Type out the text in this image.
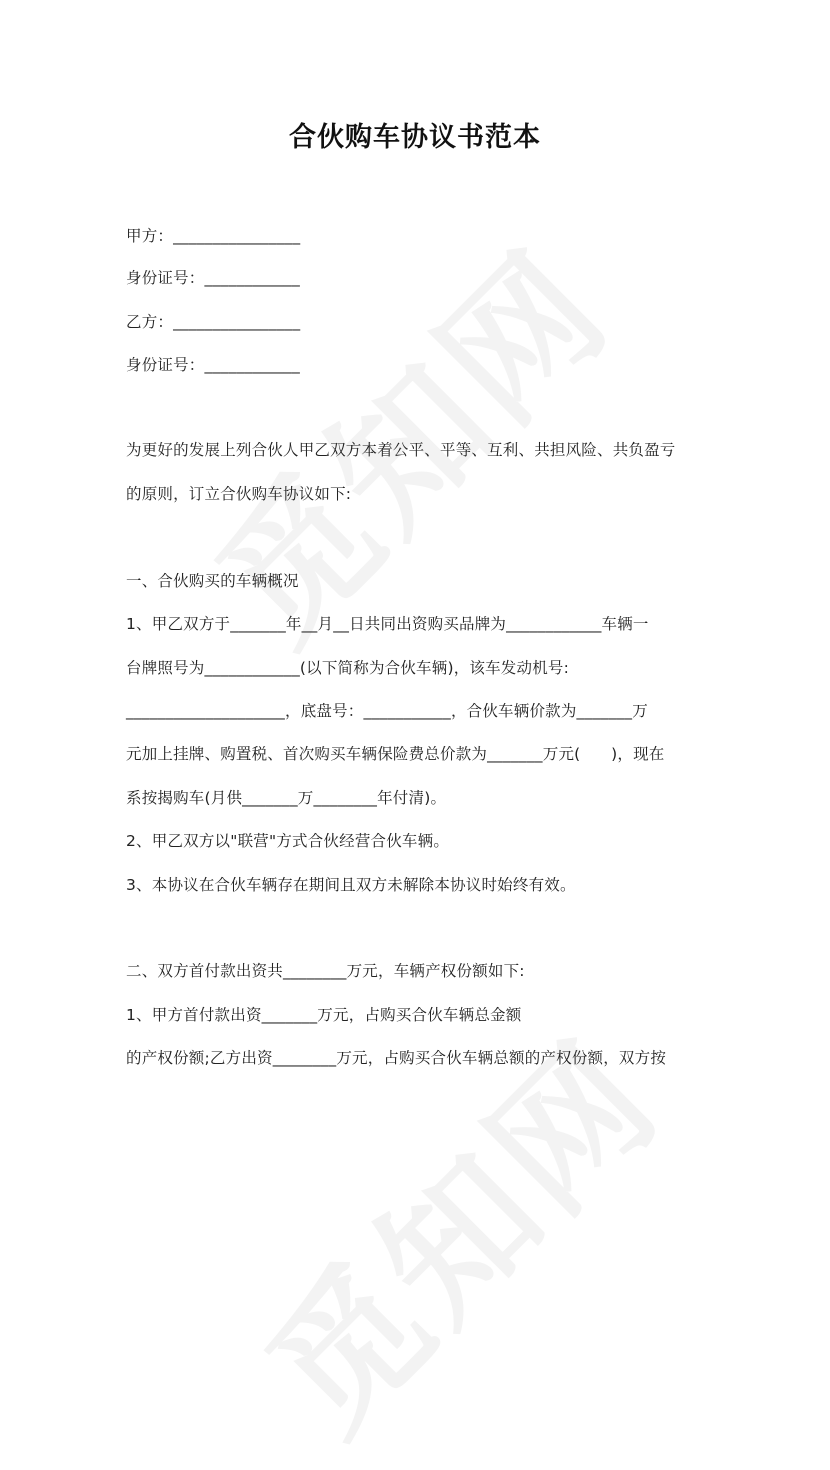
合伙购车协议书范本
甲方：________________
身份证号：____________
乙方：________________
身份证号：____________
为更好的发展上列合伙人甲乙双方本着公平、平等、互利、共担风险、共负盈亏
的原则，订立合伙购车协议如下:
一、合伙购买的车辆概况
1、甲乙双方于_______年__月__日共同出资购买品牌为____________车辆一
台牌照号为____________(以下简称为合伙车辆)，该车发动机号:
____________________，底盘号：___________，合伙车辆价款为_______万
元加上挂牌、购置税、首次购买车辆保险费总价款为_______万元(      )，现在
系按揭购车(月供_______万________年付清)。
2、甲乙双方以"联营"方式合伙经营合伙车辆。
3、本协议在合伙车辆存在期间且双方未解除本协议时始终有效。
二、双方首付款出资共________万元，车辆产权份额如下:
1、甲方首付款出资_______万元，占购买合伙车辆总金额
的产权份额;乙方出资________万元，占购买合伙车辆总额的产权份额，双方按
